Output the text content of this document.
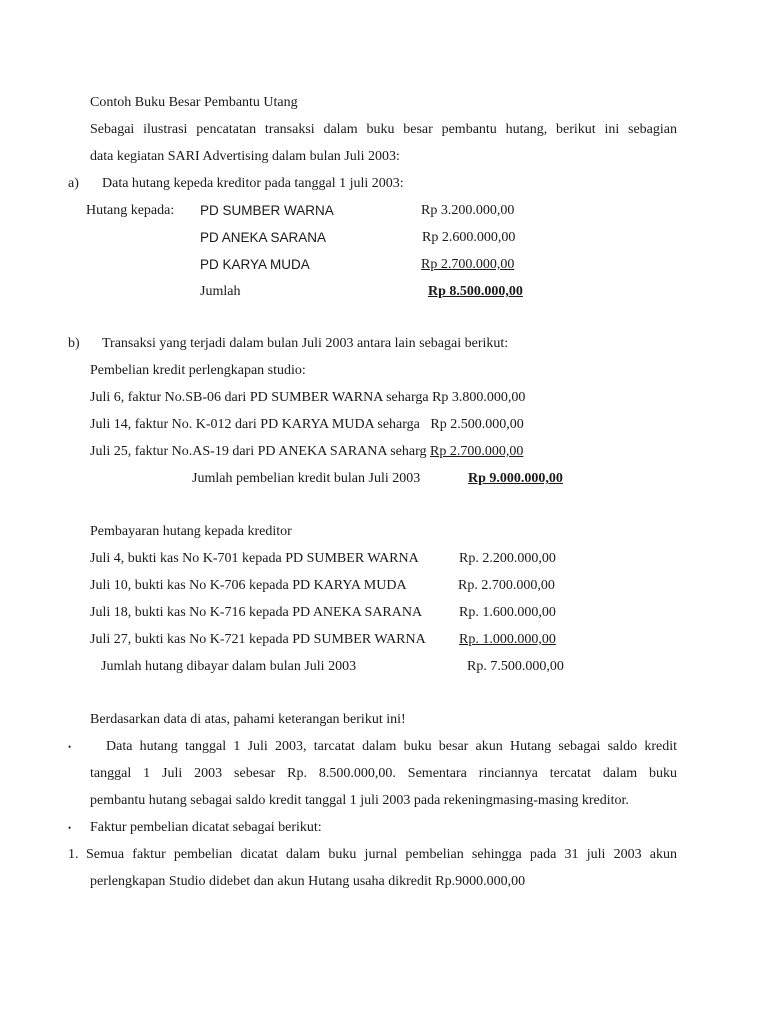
Contoh Buku Besar Pembantu Utang
Sebagai ilustrasi pencatatan transaksi dalam buku besar pembantu hutang, berikut ini sebagian
data kegiatan SARI Advertising dalam bulan Juli 2003:
a) Data hutang kepeda kreditor pada tanggal 1 juli 2003:
Hutang kepada: PD SUMBER WARNA	Rp 3.200.000,00
PD ANEKA SARANA	Rp 2.600.000,00
PD KARYA MUDA	Rp 2.700.000,00
Jumlah	Rp 8.500.000,00
b) Transaksi yang terjadi dalam bulan Juli 2003 antara lain sebagai berikut:
Pembelian kredit perlengkapan studio:
Juli 6, faktur No.SB-06 dari PD SUMBER WARNA seharga Rp 3.800.000,00
Juli 14, faktur No. K-012 dari PD KARYA MUDA seharga Rp 2.500.000,00
Juli 25, faktur No.AS-19 dari PD ANEKA SARANA seharg Rp 2.700.000,00
Jumlah pembelian kredit bulan Juli 2003	Rp 9.000.000,00
Pembayaran hutang kepada kreditor
Juli 4, bukti kas No K-701 kepada PD SUMBER WARNA	Rp. 2.200.000,00
Juli 10, bukti kas No K-706 kepada PD KARYA MUDA	Rp. 2.700.000,00
Juli 18, bukti kas No K-716 kepada PD ANEKA SARANA	Rp. 1.600.000,00
Juli 27, bukti kas No K-721 kepada PD SUMBER WARNA Rp. 1.000.000,00
Jumlah hutang dibayar dalam bulan Juli 2003	Rp. 7.500.000,00
Berdasarkan data di atas, pahami keterangan berikut ini!
• Data hutang tanggal 1 Juli 2003, tarcatat dalam buku besar akun Hutang sebagai saldo kredit
tanggal 1 Juli 2003 sebesar Rp. 8.500.000,00. Sementara rinciannya tercatat dalam buku
pembantu hutang sebagai saldo kredit tanggal 1 juli 2003 pada rekeningmasing-masing kreditor.
• Faktur pembelian dicatat sebagai berikut:
1. Semua faktur pembelian dicatat dalam buku jurnal pembelian sehingga pada 31 juli 2003 akun
perlengkapan Studio didebet dan akun Hutang usaha dikredit Rp.9000.000,00
